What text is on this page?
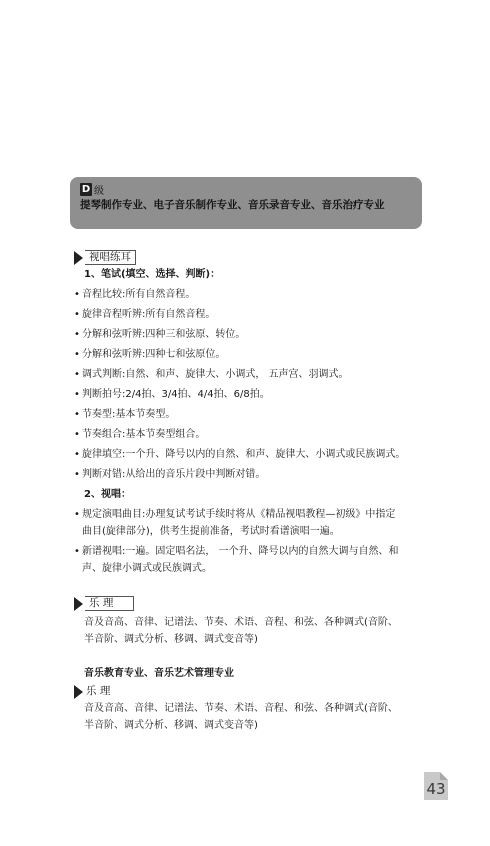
D 级
提琴制作专业、电子音乐制作专业、音乐录音专业、音乐治疗专业
视唱练耳
1、笔试(填空、选择、判断)：
• 音程比较:所有自然音程。
• 旋律音程听辨:所有自然音程。
• 分解和弦听辨:四种三和弦原、转位。
• 分解和弦听辨:四种七和弦原位。
• 调式判断:自然、和声、旋律大、小调式， 五声宫、羽调式。
• 判断拍号:2/4拍、3/4拍、4/4拍、6/8拍。
• 节奏型:基本节奏型。
• 节奏组合:基本节奏型组合。
• 旋律填空:一个升、降号以内的自然、和声、旋律大、小调式或民族调式。
• 判断对错:从给出的音乐片段中判断对错。
2、视唱：
• 规定演唱曲目:办理复试考试手续时将从《精品视唱教程—初级》中指定
曲目(旋律部分)，供考生提前准备，考试时看谱演唱一遍。
• 新谱视唱:一遍。固定唱名法， 一个升、降号以内的自然大调与自然、和
声、旋律小调式或民族调式。
乐 理
音及音高、音律、记谱法、节奏、术语、音程、和弦、各种调式(音阶、
半音阶、调式分析、移调、调式变音等)
音乐教育专业、音乐艺术管理专业
乐 理
音及音高、音律、记谱法、节奏、术语、音程、和弦、各种调式(音阶、
半音阶、调式分析、移调、调式变音等)
43
